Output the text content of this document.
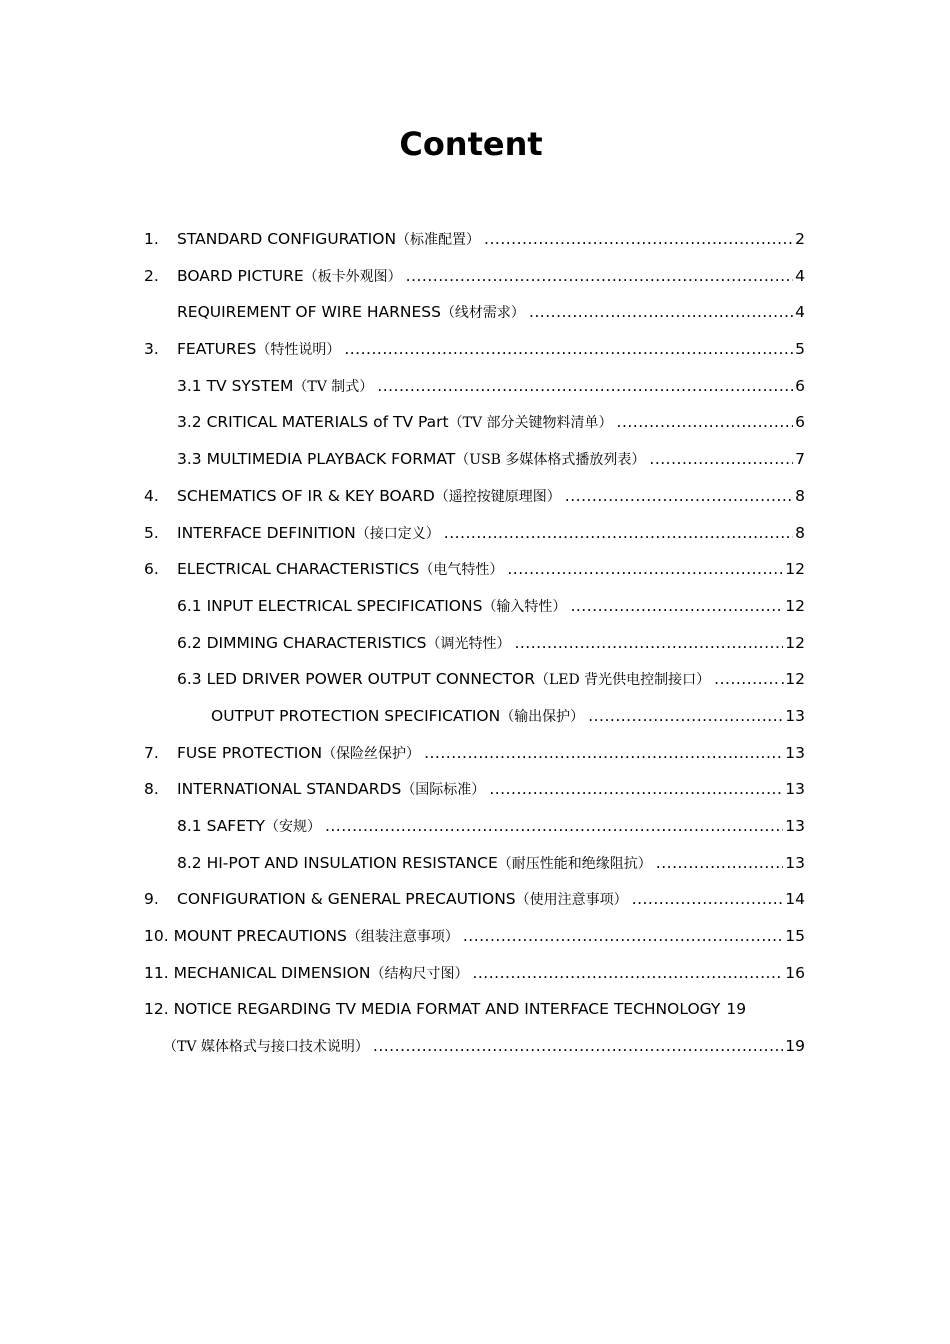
Content
1. STANDARD CONFIGURATION （标准配置） .....	2
2. BOARD PICTURE （板卡外观图） .....	4
REQUIREMENT OF WIRE HARNESS （线材需求） .....	4
3. FEATURES （特性说明） .....	5
3.1 TV SYSTEM （TV 制式） .....	6
3.2 CRITICAL MATERIALS of TV Part （TV 部分关键物料清单） .....	6
3.3 MULTIMEDIA PLAYBACK FORMAT （USB 多媒体格式播放列表） .....	7
4. SCHEMATICS OF IR & KEY BOARD （遥控按键原理图） .....	8
5. INTERFACE DEFINITION （接口定义） .....	8
6. ELECTRICAL CHARACTERISTICS （电气特性） .....	12
6.1 INPUT ELECTRICAL SPECIFICATIONS （输入特性） .....	12
6.2 DIMMING CHARACTERISTICS （调光特性） .....	12
6.3 LED DRIVER POWER OUTPUT CONNECTOR （LED 背光供电控制接口） .....	.12
OUTPUT PROTECTION SPECIFICATION （输出保护） .....	13
7. FUSE PROTECTION （保险丝保护） .....	13
8. INTERNATIONAL STANDARDS （国际标准） .....	13
8.1 SAFETY （安规） .....	13
8.2 HI-POT AND INSULATION RESISTANCE （耐压性能和绝缘阻抗） .....	13
9. CONFIGURATION & GENERAL PRECAUTIONS （使用注意事项） .....	14
10. MOUNT PRECAUTIONS （组装注意事项） .....	15
11. MECHANICAL DIMENSION （结构尺寸图） .....	16
12. NOTICE REGARDING TV MEDIA FORMAT AND INTERFACE TECHNOLOGY 19
（TV 媒体格式与接口技术说明） .....	19
